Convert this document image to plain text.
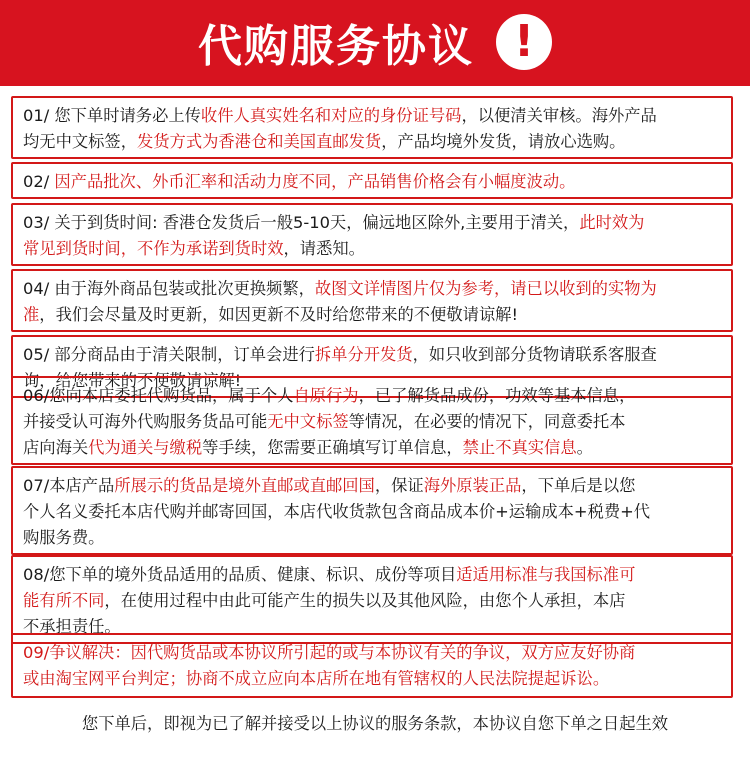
代购服务协议 !
01/ 您下单时请务必上传收件人真实姓名和对应的身份证号码，以便清关审核。海外产品
均无中文标签，发货方式为香港仓和美国直邮发货，产品均境外发货，请放心选购。
02/ 因产品批次、外币汇率和活动力度不同，产品销售价格会有小幅度波动。
03/ 关于到货时间: 香港仓发货后一般5-10天，偏远地区除外,主要用于清关，此时效为
常见到货时间，不作为承诺到货时效，请悉知。
04/ 由于海外商品包装或批次更换频繁，故图文详情图片仅为参考，请已以收到的实物为
准，我们会尽量及时更新，如因更新不及时给您带来的不便敬请谅解!
05/ 部分商品由于清关限制，订单会进行拆单分开发货，如只收到部分货物请联系客服查
询，给您带来的不便敬请谅解!
06/您向本店委托代购货品，属于个人自原行为，已了解货品成份，功效等基本信息，
并接受认可海外代购服务货品可能无中文标签等情况，在必要的情况下，同意委托本
店向海关代为通关与缴税等手续，您需要正确填写订单信息，禁止不真实信息。
07/本店产品所展示的货品是境外直邮或直邮回国，保证海外原装正品，下单后是以您
个人名义委托本店代购并邮寄回国，本店代收货款包含商品成本价+运输成本+税费+代
购服务费。
08/您下单的境外货品适用的品质、健康、标识、成份等项目适适用标准与我国标准可
能有所不同，在使用过程中由此可能产生的损失以及其他风险，由您个人承担，本店
不承担责任。
09/争议解决：因代购货品或本协议所引起的或与本协议有关的争议，双方应友好协商
或由淘宝网平台判定；协商不成立应向本店所在地有管辖权的人民法院提起诉讼。
您下单后，即视为已了解并接受以上协议的服务条款，本协议自您下单之日起生效
